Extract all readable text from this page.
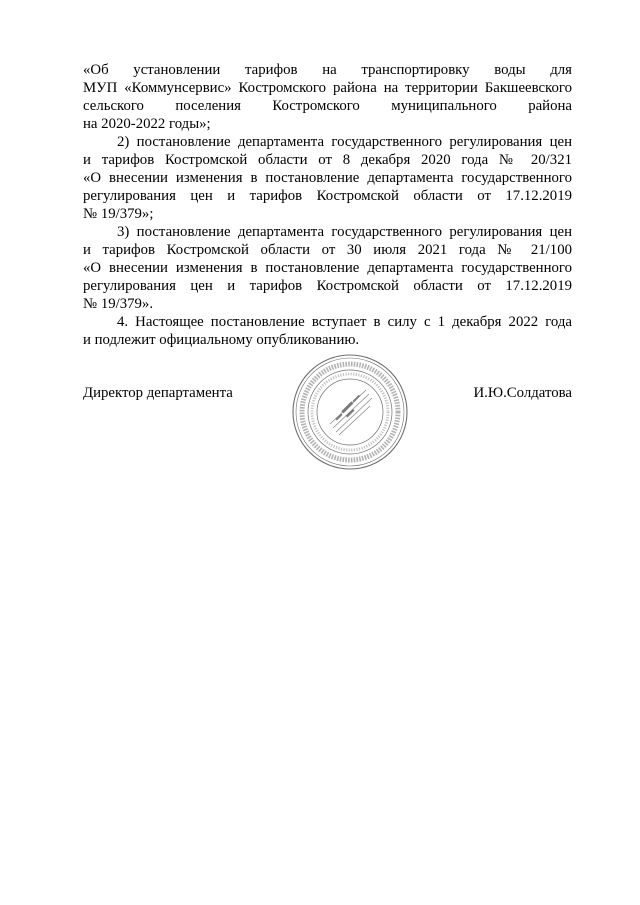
«Об установлении тарифов на транспортировку воды для
МУП «Коммунсервис» Костромского района на территории Бакшеевского
сельского поселения Костромского муниципального района
на 2020-2022 годы»;
2) постановление департамента государственного регулирования цен
и тарифов Костромской области от 8 декабря 2020 года № 20/321
«О внесении изменения в постановление департамента государственного
регулирования цен и тарифов Костромской области от 17.12.2019
№ 19/379»;
3) постановление департамента государственного регулирования цен
и тарифов Костромской области от 30 июля 2021 года № 21/100
«О внесении изменения в постановление департамента государственного
регулирования цен и тарифов Костромской области от 17.12.2019
№ 19/379».
4. Настоящее постановление вступает в силу с 1 декабря 2022 года
и подлежит официальному опубликованию.
Директор департамента	И.Ю.Солдатова
